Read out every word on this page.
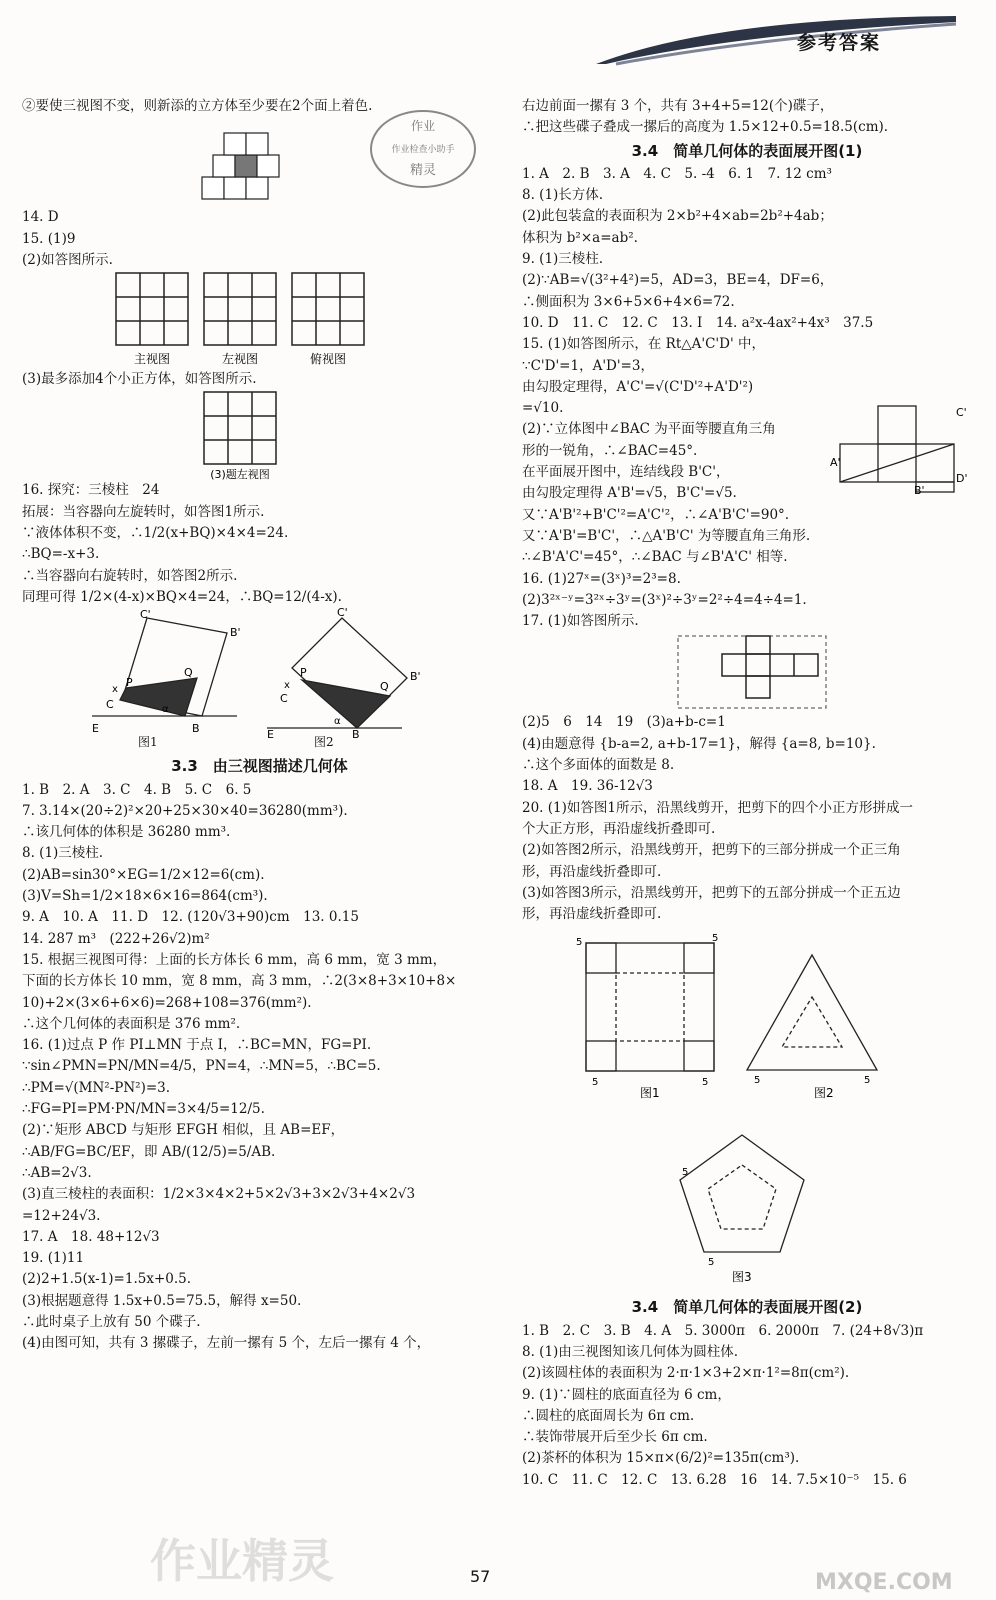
参考答案
作业
作业检查小助手
精灵
②要使三视图不变，则新添的立方体至少要在2个面上着色.
14. D
15. (1)9
(2)如答图所示.
主视图	左视图	俯视图
(3)最多添加4个小正方体，如答图所示.
(3)题左视图
16. 探究：三棱柱　24
拓展：当容器向左旋转时，如答图1所示.
∵液体体积不变，∴1/2(x+BQ)×4×4=24.
∴BQ=-x+3.
∴当容器向右旋转时，如答图2所示.
同理可得 1/2×(4-x)×BQ×4=24，∴BQ=12/(4-x).
C'
B'
P
Q
x
C	α
E	B
C'
B'
P
Q
x
C
α
E	B
图1	图2
3.3　由三视图描述几何体
1. B　2. A　3. C　4. B　5. C　6. 5
7. 3.14×(20÷2)²×20+25×30×40=36280(mm³).
∴该几何体的体积是 36280 mm³.
8. (1)三棱柱.
(2)AB=sin30°×EG=1/2×12=6(cm).
(3)V=Sh=1/2×18×6×16=864(cm³).
9. A　10. A　11. D　12. (120√3+90)cm　13. 0.15
14. 287 m³　(222+26√2)m²
15. 根据三视图可得：上面的长方体长 6 mm，高 6 mm，宽 3 mm，
下面的长方体长 10 mm，宽 8 mm，高 3 mm，∴2(3×8+3×10+8×
10)+2×(3×6+6×6)=268+108=376(mm²).
∴这个几何体的表面积是 376 mm².
16. (1)过点 P 作 PI⊥MN 于点 I，∴BC=MN，FG=PI.
∵sin∠PMN=PN/MN=4/5，PN=4，∴MN=5，∴BC=5.
∴PM=√(MN²-PN²)=3.
∴FG=PI=PM·PN/MN=3×4/5=12/5.
(2)∵矩形 ABCD 与矩形 EFGH 相似，且 AB=EF，
∴AB/FG=BC/EF，即 AB/(12/5)=5/AB.
∴AB=2√3.
(3)直三棱柱的表面积：1/2×3×4×2+5×2√3+3×2√3+4×2√3
=12+24√3.
17. A　18. 48+12√3
19. (1)11
(2)2+1.5(x-1)=1.5x+0.5.
(3)根据题意得 1.5x+0.5=75.5，解得 x=50.
∴此时桌子上放有 50 个碟子.
(4)由图可知，共有 3 摞碟子，左前一摞有 5 个，左后一摞有 4 个，
右边前面一摞有 3 个，共有 3+4+5=12(个)碟子，
∴把这些碟子叠成一摞后的高度为 1.5×12+0.5=18.5(cm).
3.4　简单几何体的表面展开图(1)
1. A　2. B　3. A　4. C　5. -4　6. 1　7. 12 cm³
8. (1)长方体.
(2)此包装盒的表面积为 2×b²+4×ab=2b²+4ab；
体积为 b²×a=ab².
9. (1)三棱柱.
(2)∵AB=√(3²+4²)=5，AD=3，BE=4，DF=6，
∴侧面积为 3×6+5×6+4×6=72.
10. D　11. C　12. C　13. I　14. a²x-4ax²+4x³　37.5
15. (1)如答图所示，在 Rt△A'C'D' 中，
∵C'D'=1，A'D'=3，
由勾股定理得，A'C'=√(C'D'²+A'D'²)
=√10.
(2)∵立体图中∠BAC 为平面等腰直角三角
形的一锐角，∴∠BAC=45°.
在平面展开图中，连结线段 B'C'，
由勾股定理得 A'B'=√5，B'C'=√5.
又∵A'B'²+B'C'²=A'C'²，∴∠A'B'C'=90°.
又∵A'B'=B'C'，∴△A'B'C' 为等腰直角三角形.
∴∠B'A'C'=45°，∴∠BAC 与∠B'A'C' 相等.
16. (1)27ˣ=(3ˣ)³=2³=8.
(2)3²ˣ⁻ʸ=3²ˣ÷3ʸ=(3ˣ)²÷3ʸ=2²÷4=4÷4=1.
17. (1)如答图所示.
C'
A'
D'
B'
(2)5　6　14　19　(3)a+b-c=1
(4)由题意得 {b-a=2, a+b-17=1}，解得 {a=8, b=10}.
∴这个多面体的面数是 8.
18. A　19. 36-12√3
20. (1)如答图1所示，沿黑线剪开，把剪下的四个小正方形拼成一
个大正方形，再沿虚线折叠即可.
(2)如答图2所示，沿黑线剪开，把剪下的三部分拼成一个正三角
形，再沿虚线折叠即可.
(3)如答图3所示，沿黑线剪开，把剪下的五部分拼成一个正五边
形，再沿虚线折叠即可.
5	5
5	5	5	5
5
5
图1	图2
图3
3.4　简单几何体的表面展开图(2)
1. B　2. C　3. B　4. A　5. 3000π　6. 2000π　7. (24+8√3)π
8. (1)由三视图知该几何体为圆柱体.
(2)该圆柱体的表面积为 2·π·1×3+2×π·1²=8π(cm²).
9. (1)∵圆柱的底面直径为 6 cm，
∴圆柱的底面周长为 6π cm.
∴装饰带展开后至少长 6π cm.
(2)茶杯的体积为 15×π×(6/2)²=135π(cm³).
10. C　11. C　12. C　13. 6.28　16　14. 7.5×10⁻⁵　15. 6
57
作业精灵	MXQE.COM
